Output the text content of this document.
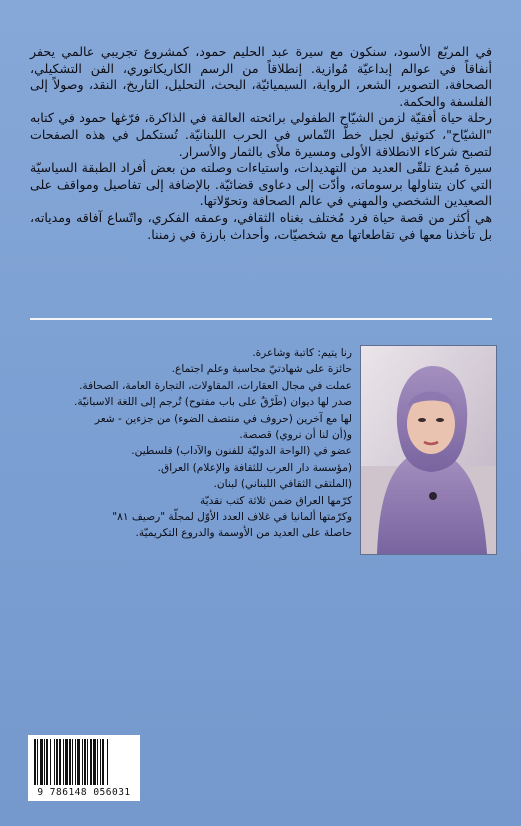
في المربّع الأسود، سنكون مع سيرة عبد الحليم حمود، كمشروع تجريبي عالمي يحفر أنفاقاً في عوالم إبداعيّة مُوازية. إنطلاقاً من الرسم الكاريكاتوري، الفن التشكيلي، الصحافة، التصوير، الشعر، الرواية، السيميائيّة، البحث، التحليل، التاريخ، النقد، وصولاً إلى الفلسفة والحكمة.

رحلة حياة أفقيّة لزمن الشيّاح الطفولي برائحته العالقة في الذاكرة، فرّغها حمود في كتابه "الشيّاح"، كتوثيق لجيل خطّ التّماس في الحرب اللبنانيّة. تُستكمل في هذه الصفحات لتصبح شركاء الانطلاقة الأولى ومسيرة ملأى بالثمار والأسرار.

سيرة مُبدع تلقّى العديد من التهديدات، واستياءات وصلته من بعض أفراد الطبقة السياسيّة التي كان يتناولها برسوماته، وأدّت إلى دعاوى قضائيّة. بالإضافة إلى تفاصيل ومواقف على الصعيدين الشخصي والمهني في عالم الصحافة وتحوّلاتها.

هي أكثر من قصة حياة فرد مُختلف بغناه الثقافي، وعمقه الفكري، واتّساع آفاقه ومدياته، بل تأخذنا معها في تقاطعاتها مع شخصيّات، وأحداث بارزة في زمننا.

رنا يتيم: كاتبة وشاعرة.
حائزة على شهادتيّ محاسبة وعلم اجتماع.
عملت في مجال العقارات، المقاولات، التجارة العامة، الصحافة.
صدر لها ديوان (طَرْقٌ على باب مفتوح) تُرجم إلى اللغة الاسبانيّة.
لها مع آخرين (حروف في منتصف الضوء) من جزءين - شعر
و(أن لنا أن نروي) قصصة.
عضو في (الواحة الدوليّة للفنون والآداب) فلسطين.
(مؤسسة دار العرب للثقافة والإعلام) العراق.
(الملتقى الثقافي اللبناني) لبنان.
كرّمها العراق ضمن ثلاثة كتب نقديّة
وكرّمتها ألمانيا في غلاف العدد الأوّل لمجلّة "رصيف ٨١"
حاصلة على العديد من الأوسمة والدروع التكريميّة.
9 786148 056031
